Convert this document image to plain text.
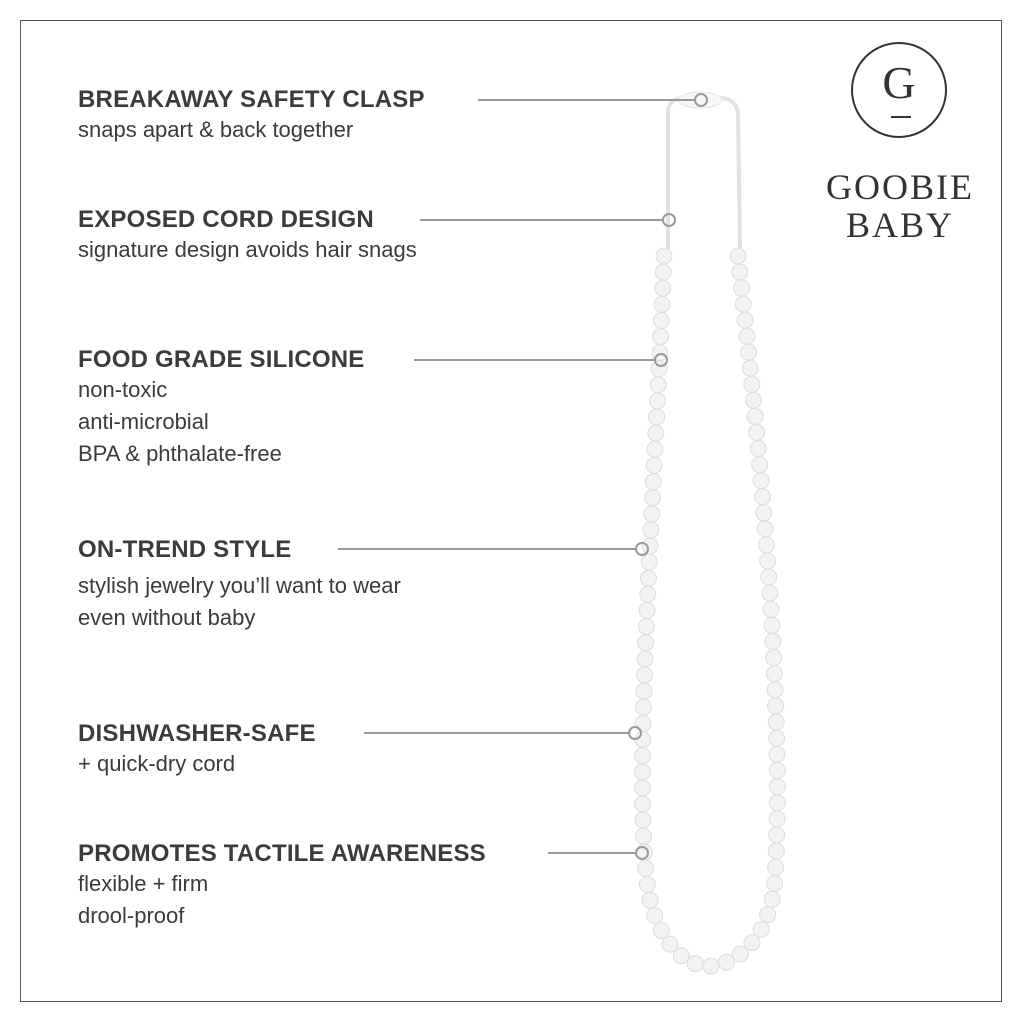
BREAKAWAY SAFETY CLASP
snaps apart & back together
EXPOSED CORD DESIGN
signature design avoids hair snags
FOOD GRADE SILICONE
non-toxic
anti-microbial
BPA & phthalate-free
ON-TREND STYLE
stylish jewelry you’ll want to wear
even without baby
DISHWASHER-SAFE
+ quick-dry cord
PROMOTES TACTILE AWARENESS
flexible + firm
drool-proof
G
GOOBIE
BABY
